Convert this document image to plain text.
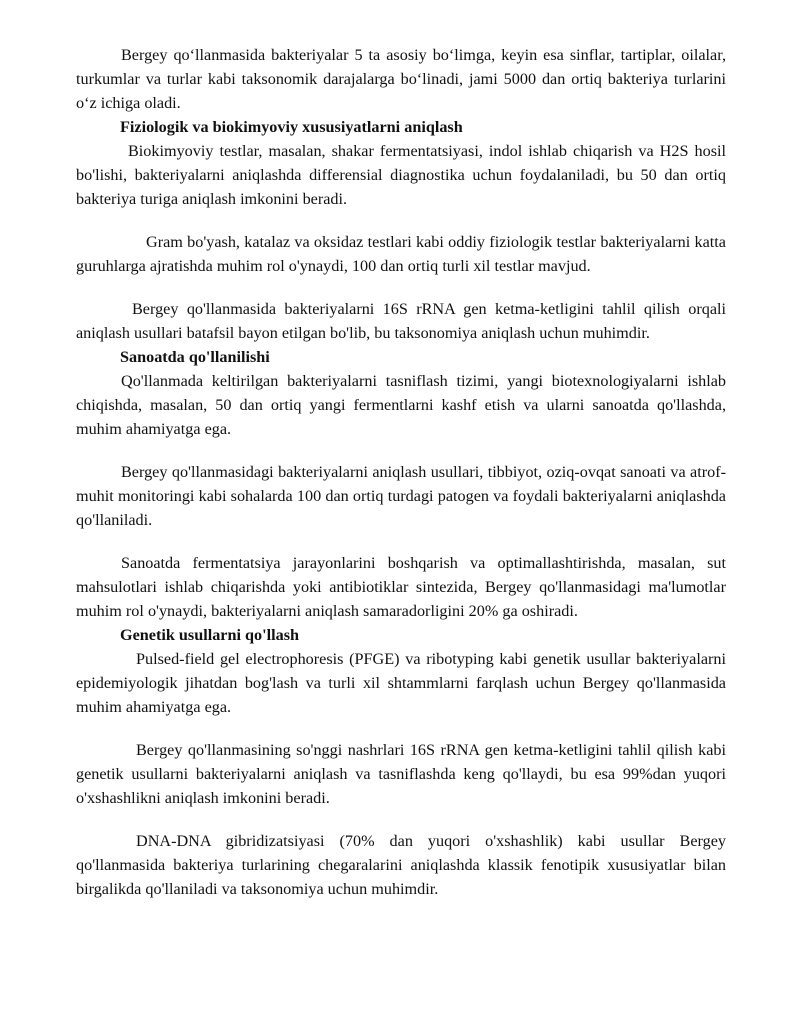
Bergey qo‘llanmasida bakteriyalar 5 ta asosiy bo‘limga, keyin esa sinflar, tartiplar, oilalar, turkumlar va turlar kabi taksonomik darajalarga bo‘linadi, jami 5000 dan ortiq bakteriya turlarini o‘z ichiga oladi.

Fiziologik va biokimyoviy xususiyatlarni aniqlash

Biokimyoviy testlar, masalan, shakar fermentatsiyasi, indol ishlab chiqarish va H2S hosil bo'lishi, bakteriyalarni aniqlashda differensial diagnostika uchun foydalaniladi, bu 50 dan ortiq bakteriya turiga aniqlash imkonini beradi.

Gram bo'yash, katalaz va oksidaz testlari kabi oddiy fiziologik testlar bakteriyalarni katta guruhlarga ajratishda muhim rol o'ynaydi, 100 dan ortiq turli xil testlar mavjud.

Bergey qo'llanmasida bakteriyalarni 16S rRNA gen ketma-ketligini tahlil qilish orqali aniqlash usullari batafsil bayon etilgan bo'lib, bu taksonomiya aniqlash uchun muhimdir.

Sanoatda qo'llanilishi

Qo'llanmada keltirilgan bakteriyalarni tasniflash tizimi, yangi biotexnologiyalarni ishlab chiqishda, masalan, 50 dan ortiq yangi fermentlarni kashf etish va ularni sanoatda qo'llashda, muhim ahamiyatga ega.

Bergey qo'llanmasidagi bakteriyalarni aniqlash usullari, tibbiyot, oziq-ovqat sanoati va atrof-muhit monitoringi kabi sohalarda 100 dan ortiq turdagi patogen va foydali bakteriyalarni aniqlashda qo'llaniladi.

Sanoatda fermentatsiya jarayonlarini boshqarish va optimallashtirishda, masalan, sut mahsulotlari ishlab chiqarishda yoki antibiotiklar sintezida, Bergey qo'llanmasidagi ma'lumotlar muhim rol o'ynaydi, bakteriyalarni aniqlash samaradorligini 20% ga oshiradi.

Genetik usullarni qo'llash

Pulsed-field gel electrophoresis (PFGE) va ribotyping kabi genetik usullar bakteriyalarni epidemiyologik jihatdan bog'lash va turli xil shtammlarni farqlash uchun Bergey qo'llanmasida muhim ahamiyatga ega.

Bergey qo'llanmasining so'nggi nashrlari 16S rRNA gen ketma-ketligini tahlil qilish kabi genetik usullarni bakteriyalarni aniqlash va tasniflashda keng qo'llaydi, bu esa 99%dan yuqori o'xshashlikni aniqlash imkonini beradi.

DNA-DNA gibridizatsiyasi (70% dan yuqori o'xshashlik) kabi usullar Bergey qo'llanmasida bakteriya turlarining chegaralarini aniqlashda klassik fenotipik xususiyatlar bilan birgalikda qo'llaniladi va taksonomiya uchun muhimdir.
